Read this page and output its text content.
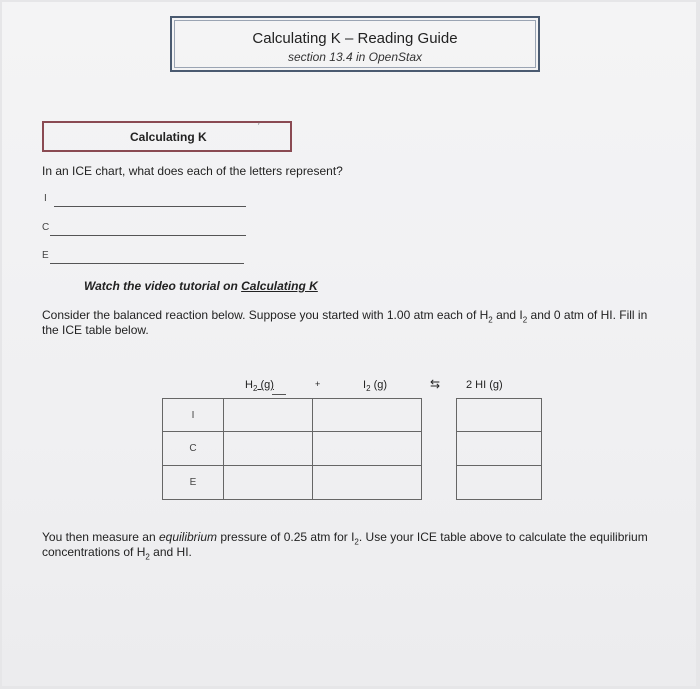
Calculating K – Reading Guide
section 13.4 in OpenStax
Calculating K
′
In an ICE chart, what does each of the letters represent?
I
C
E
Watch the video tutorial on Calculating K
Consider the balanced reaction below. Suppose you started with 1.00 atm each of $H_2$ and $I_2$ and 0 atm of HI. Fill in the ICE table below.
$H_2$ (g)	+	$I_2$ (g)	⇆ 2 HI (g)
I				
C				
E				
You then measure an equilibrium pressure of 0.25 atm for $I_2$. Use your ICE table above to calculate the equilibrium concentrations of $H_2$ and HI.
